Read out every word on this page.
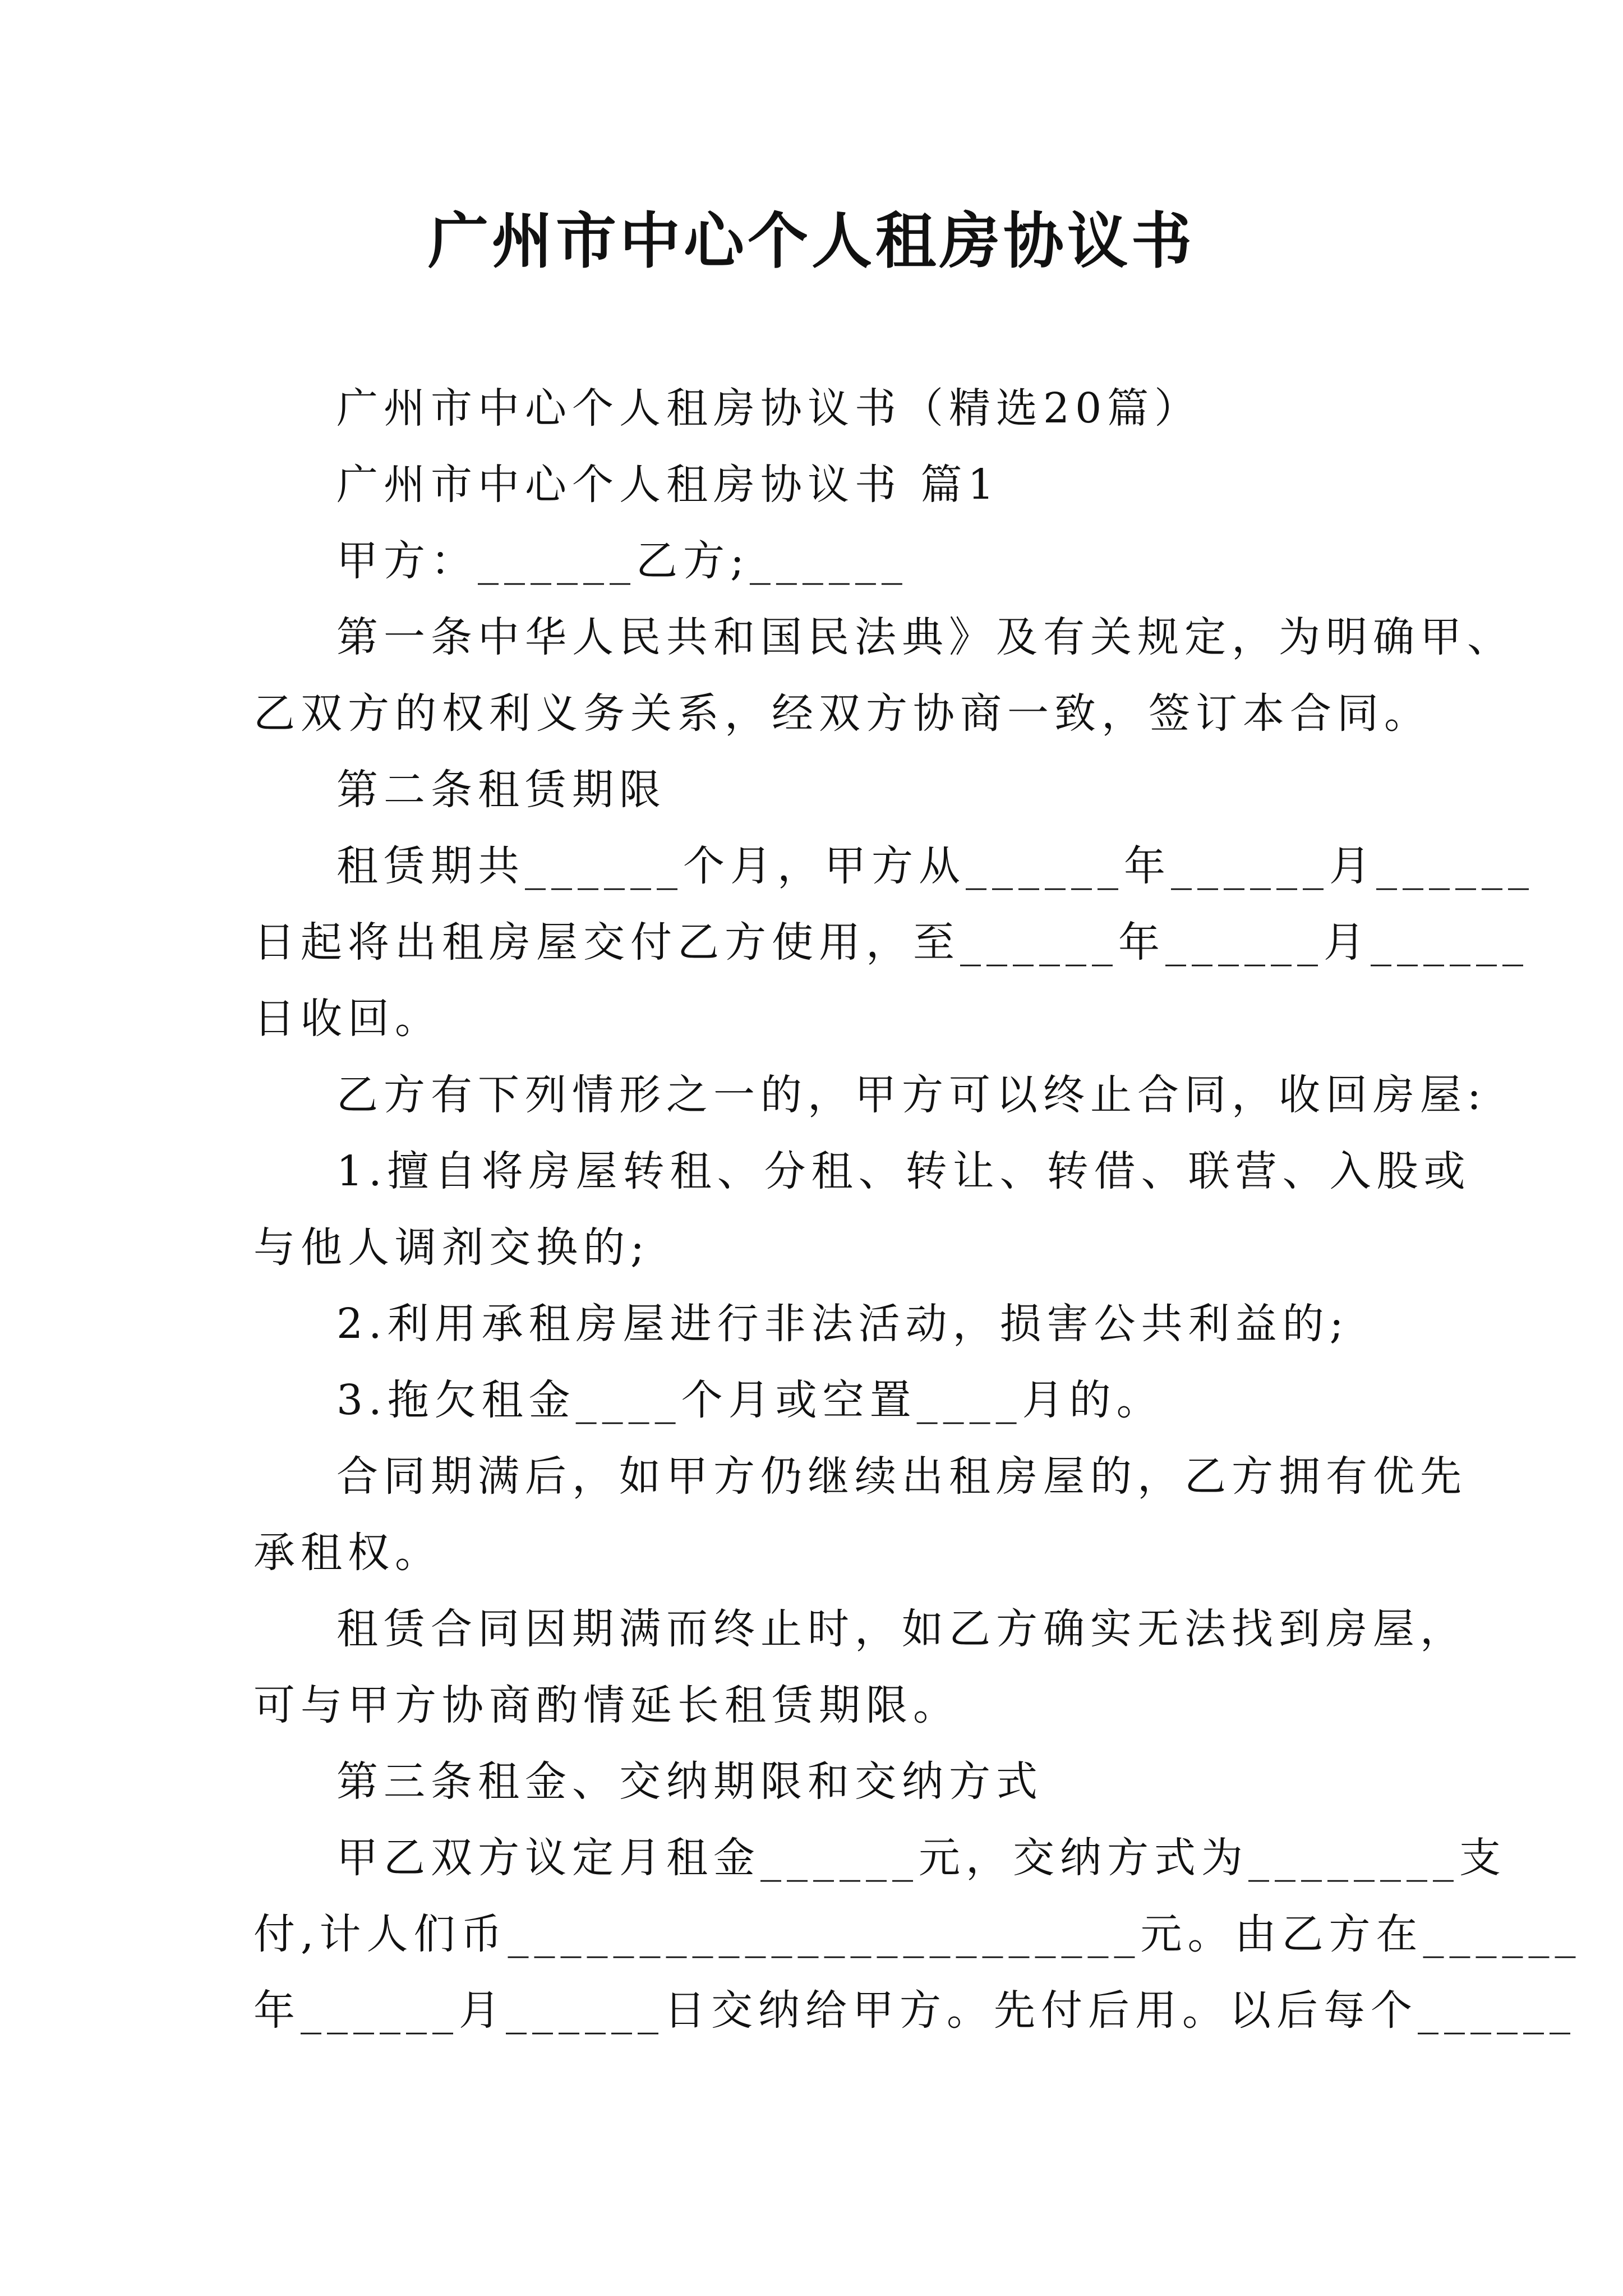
广州市中心个人租房协议书

广州市中心个人租房协议书（精选20篇）

广州市中心个人租房协议书 篇1

甲方：______乙方;______

第一条中华人民共和国民法典》及有关规定，为明确甲、

乙双方的权利义务关系，经双方协商一致，签订本合同。

第二条租赁期限

租赁期共______个月，甲方从______年______月______

日起将出租房屋交付乙方使用，至______年______月______

日收回。

乙方有下列情形之一的，甲方可以终止合同，收回房屋:

1.擅自将房屋转租、分租、转让、转借、联营、入股或

与他人调剂交换的;

2.利用承租房屋进行非法活动，损害公共利益的;

3.拖欠租金____个月或空置____月的。

合同期满后，如甲方仍继续出租房屋的，乙方拥有优先

承租权。

租赁合同因期满而终止时，如乙方确实无法找到房屋，

可与甲方协商酌情延长租赁期限。

第三条租金、交纳期限和交纳方式

甲乙双方议定月租金______元，交纳方式为________支

付,计人们币________________________元。由乙方在______

年______月______日交纳给甲方。先付后用。以后每个______
